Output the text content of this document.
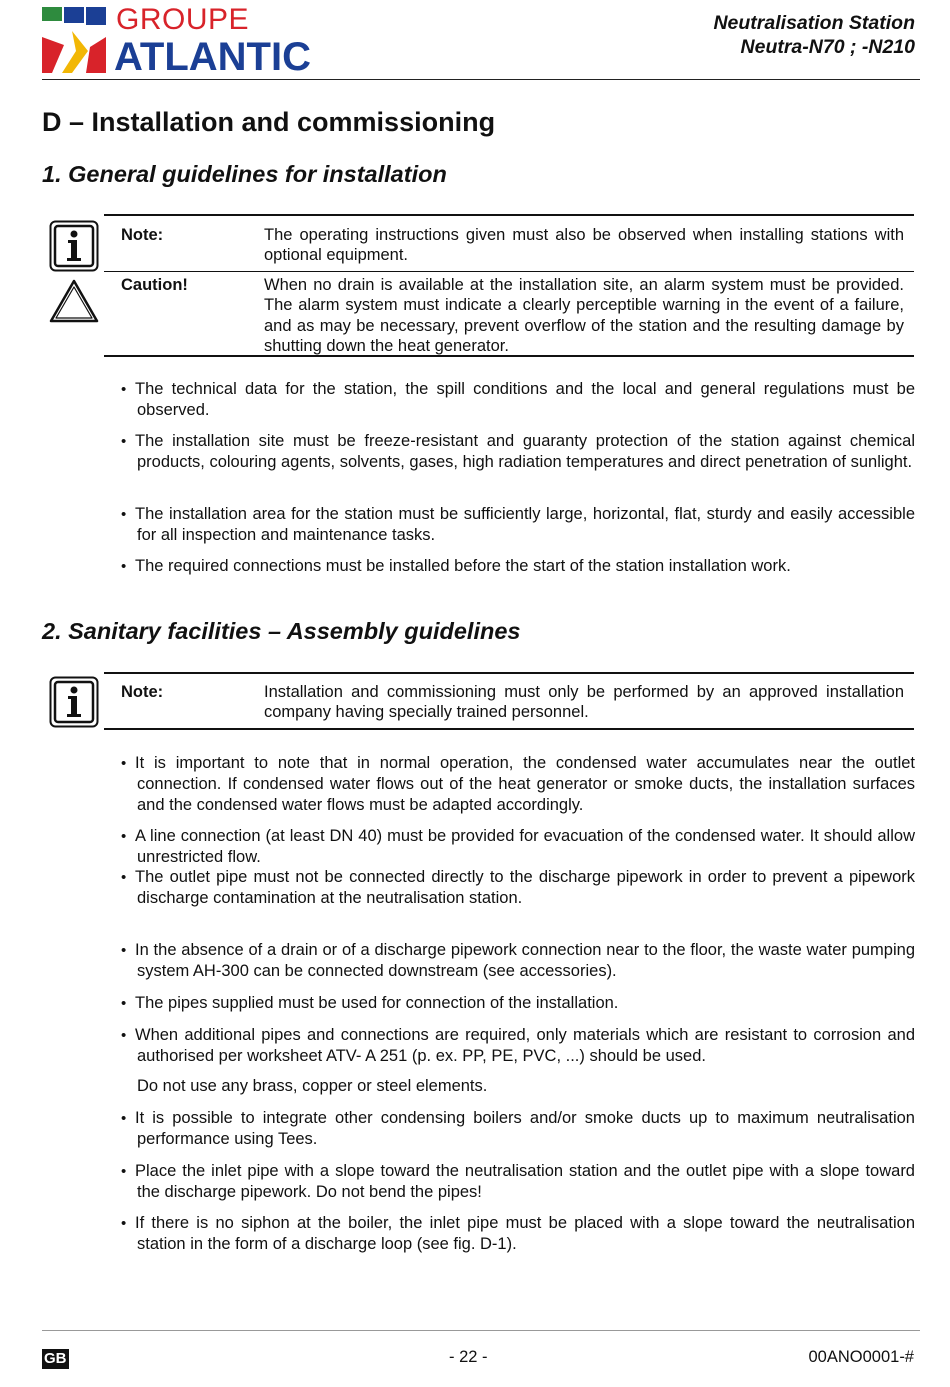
GROUPE
ATLANTIC
Neutralisation Station
Neutra-N70 ; -N210
D – Installation and commissioning
1. General guidelines for installation
Note:	The operating instructions given must also be observed when installing stations with optional equipment.
Caution!	When no drain is available at the installation site, an alarm system must be provided. The alarm system must indicate a clearly perceptible warning in the event of a failure, and as may be necessary, prevent overflow of the station and the resulting damage by shutting down the heat generator.
• The technical data for the station, the spill conditions and the local and general regulations must be observed.
• The installation site must be freeze-resistant and guaranty protection of the station against chemical products, colouring agents, solvents, gases, high radiation temperatures and direct penetration of sunlight.
• The installation area for the station must be sufficiently large, horizontal, flat, sturdy and easily accessible for all inspection and maintenance tasks.
• The required connections must be installed before the start of the station installation work.
2. Sanitary facilities – Assembly guidelines
Note:	Installation and commissioning must only be performed by an approved installation company having specially trained personnel.
• It is important to note that in normal operation, the condensed water accumulates near the outlet connection. If condensed water flows out of the heat generator or smoke ducts, the installation surfaces and the condensed water flows must be adapted accordingly.
• A line connection (at least DN 40) must be provided for evacuation of the condensed water. It should allow unrestricted flow.
• The outlet pipe must not be connected directly to the discharge pipework in order to prevent a pipework discharge contamination at the neutralisation station.
• In the absence of a drain or of a discharge pipework connection near to the floor, the waste water pumping system AH-300 can be connected downstream (see accessories).
• The pipes supplied must be used for connection of the installation.
• When additional pipes and connections are required, only materials which are resistant to corrosion and authorised per worksheet ATV- A 251 (p. ex. PP, PE, PVC, ...) should be used.
Do not use any brass, copper or steel elements.
• It is possible to integrate other condensing boilers and/or smoke ducts up to maximum neutralisation performance using Tees.
• Place the inlet pipe with a slope toward the neutralisation station and the outlet pipe with a slope toward the discharge pipework. Do not bend the pipes!
• If there is no siphon at the boiler, the inlet pipe must be placed with a slope toward the neutralisation station in the form of a discharge loop (see fig. D-1).
GB	- 22 -	00ANO0001-#
